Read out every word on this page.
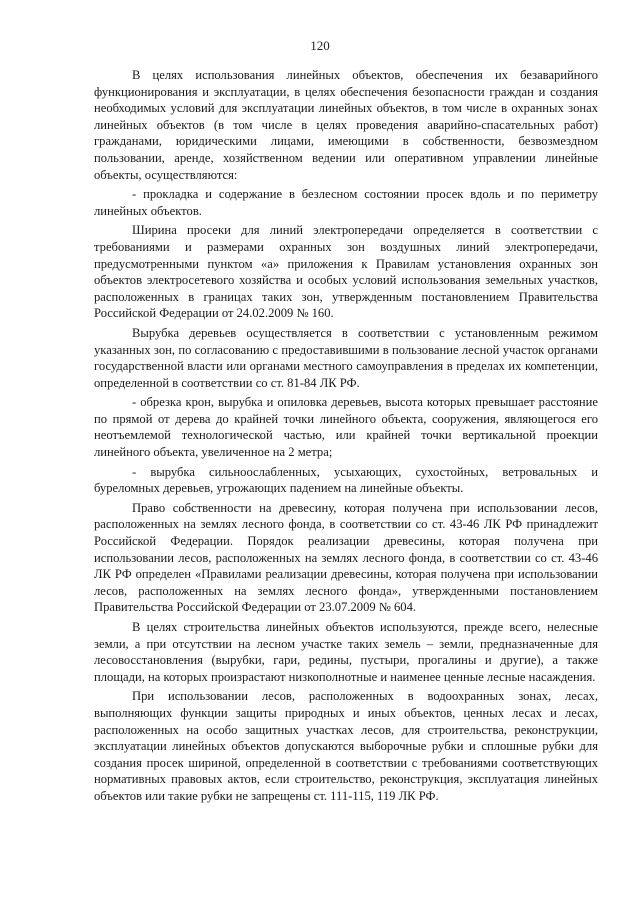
120

В целях использования линейных объектов, обеспечения их безаварийного функционирования и эксплуатации, в целях обеспечения безопасности граждан и создания необходимых условий для эксплуатации линейных объектов, в том числе в охранных зонах линейных объектов (в том числе в целях проведения аварийно-спасательных работ) гражданами, юридическими лицами, имеющими в собственности, безвозмездном пользовании, аренде, хозяйственном ведении или оперативном управлении линейные объекты, осуществляются:

- прокладка и содержание в безлесном состоянии просек вдоль и по периметру линейных объектов.

Ширина просеки для линий электропередачи определяется в соответствии с требованиями и размерами охранных зон воздушных линий электропередачи, предусмотренными пунктом «а» приложения к Правилам установления охранных зон объектов электросетевого хозяйства и особых условий использования земельных участков, расположенных в границах таких зон, утвержденным постановлением Правительства Российской Федерации от 24.02.2009 № 160.

Вырубка деревьев осуществляется в соответствии с установленным режимом указанных зон, по согласованию с предоставившими в пользование лесной участок органами государственной власти или органами местного самоуправления в пределах их компетенции, определенной в соответствии со ст. 81-84 ЛК РФ.

- обрезка крон, вырубка и опиловка деревьев, высота которых превышает расстояние по прямой от дерева до крайней точки линейного объекта, сооружения, являющегося его неотъемлемой технологической частью, или крайней точки вертикальной проекции линейного объекта, увеличенное на 2 метра;

- вырубка сильноослабленных, усыхающих, сухостойных, ветровальных и буреломных деревьев, угрожающих падением на линейные объекты.

Право собственности на древесину, которая получена при использовании лесов, расположенных на землях лесного фонда, в соответствии со ст. 43-46 ЛК РФ принадлежит Российской Федерации. Порядок реализации древесины, которая получена при использовании лесов, расположенных на землях лесного фонда, в соответствии со ст. 43-46 ЛК РФ определен «Правилами реализации древесины, которая получена при использовании лесов, расположенных на землях лесного фонда», утвержденными постановлением Правительства Российской Федерации от 23.07.2009 № 604.

В целях строительства линейных объектов используются, прежде всего, нелесные земли, а при отсутствии на лесном участке таких земель – земли, предназначенные для лесовосстановления (вырубки, гари, редины, пустыри, прогалины и другие), а также площади, на которых произрастают низкополнотные и наименее ценные лесные насаждения.

При использовании лесов, расположенных в водоохранных зонах, лесах, выполняющих функции защиты природных и иных объектов, ценных лесах и лесах, расположенных на особо защитных участках лесов, для строительства, реконструкции, эксплуатации линейных объектов допускаются выборочные рубки и сплошные рубки для создания просек шириной, определенной в соответствии с требованиями соответствующих нормативных правовых актов, если строительство, реконструкция, эксплуатация линейных объектов или такие рубки не запрещены ст. 111-115, 119 ЛК РФ.
